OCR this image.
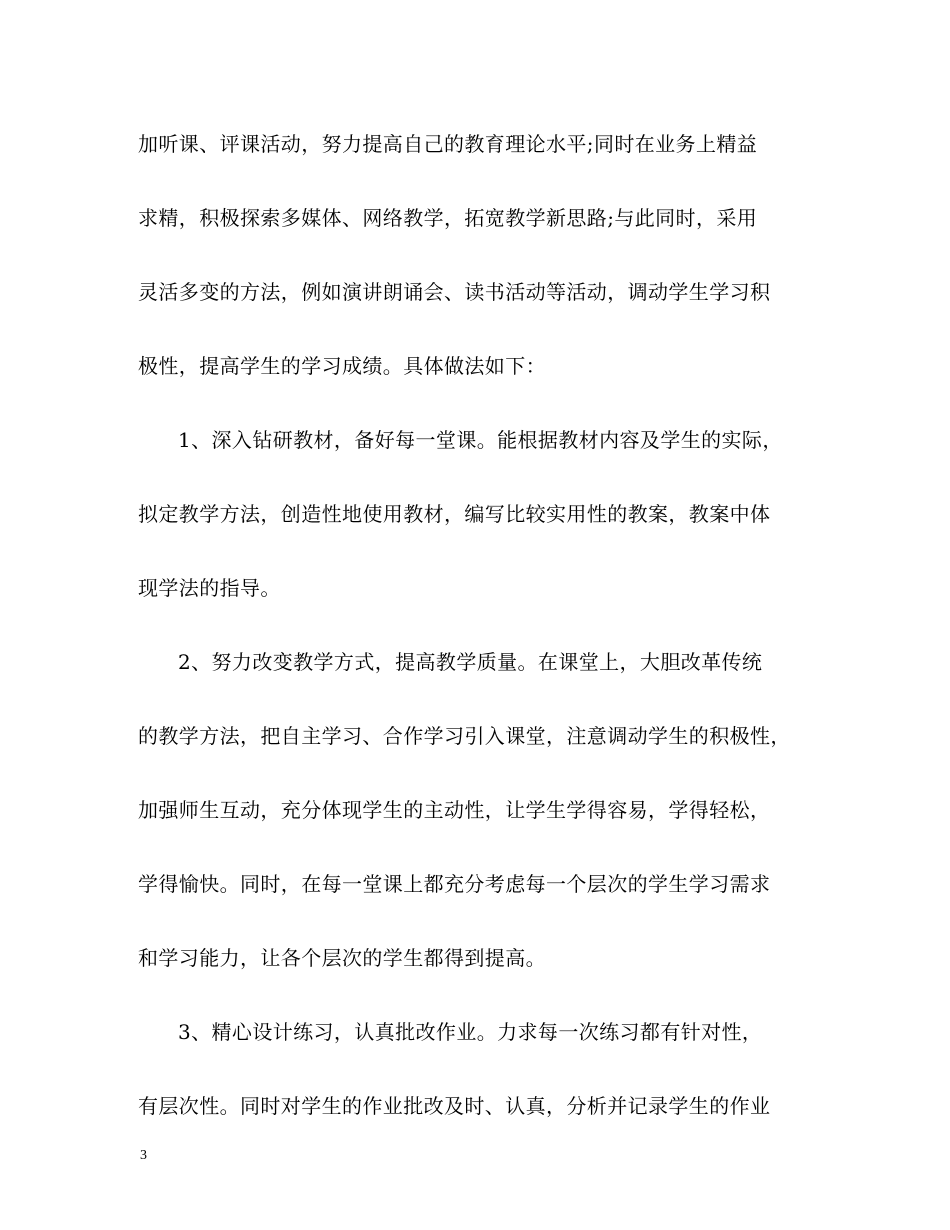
加听课、评课活动，努力提高自己的教育理论水平;同时在业务上精益
求精，积极探索多媒体、网络教学，拓宽教学新思路;与此同时，采用
灵活多变的方法，例如演讲朗诵会、读书活动等活动，调动学生学习积
极性，提高学生的学习成绩。具体做法如下：
1、深入钻研教材，备好每一堂课。能根据教材内容及学生的实际，
拟定教学方法，创造性地使用教材，编写比较实用性的教案，教案中体
现学法的指导。
2、努力改变教学方式，提高教学质量。在课堂上，大胆改革传统
的教学方法，把自主学习、合作学习引入课堂，注意调动学生的积极性，
加强师生互动，充分体现学生的主动性，让学生学得容易，学得轻松，
学得愉快。同时，在每一堂课上都充分考虑每一个层次的学生学习需求
和学习能力，让各个层次的学生都得到提高。
3、精心设计练习，认真批改作业。力求每一次练习都有针对性，
有层次性。同时对学生的作业批改及时、认真，分析并记录学生的作业
3
